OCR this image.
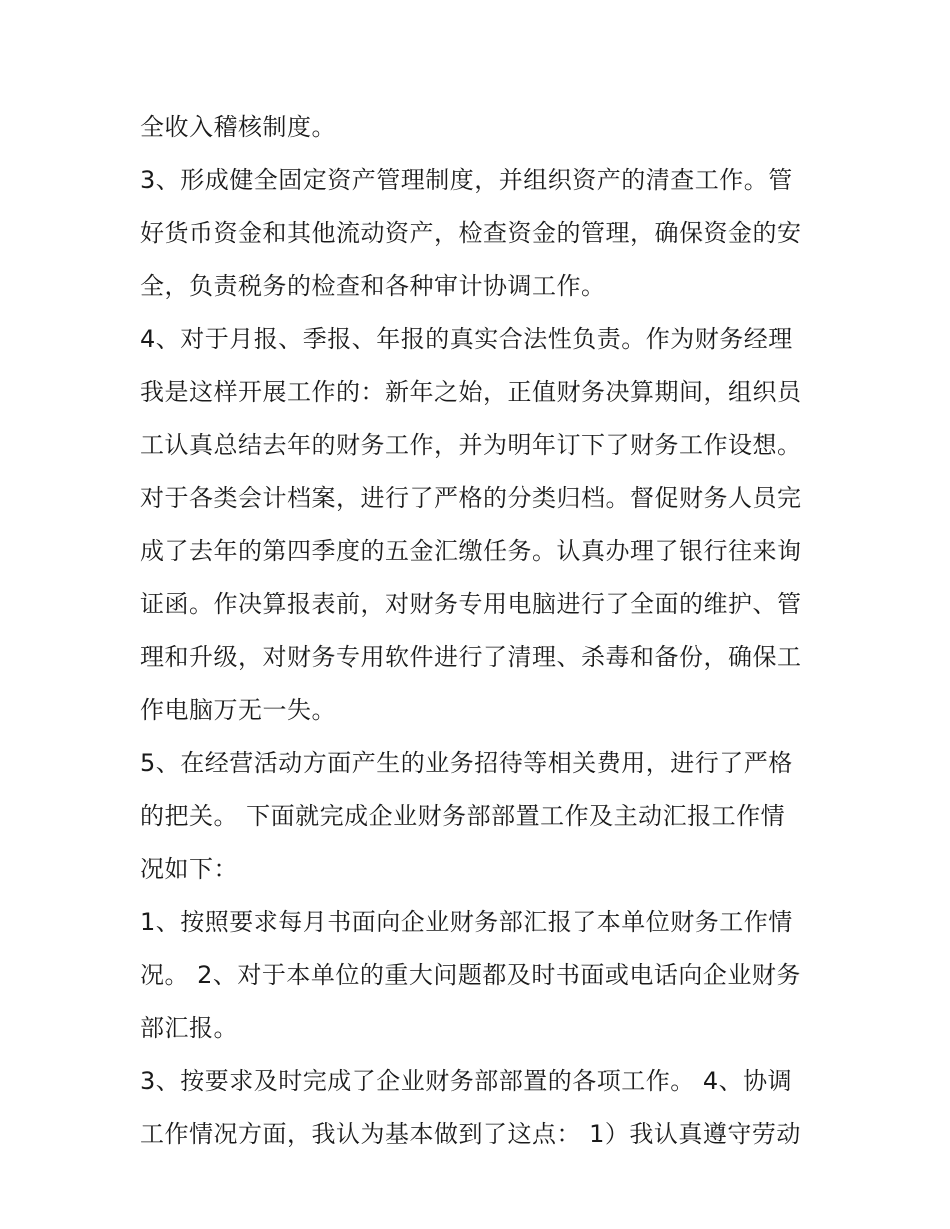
全收入稽核制度。
3、形成健全固定资产管理制度，并组织资产的清查工作。管
好货币资金和其他流动资产，检查资金的管理，确保资金的安
全，负责税务的检查和各种审计协调工作。
4、对于月报、季报、年报的真实合法性负责。作为财务经理
我是这样开展工作的：新年之始，正值财务决算期间，组织员
工认真总结去年的财务工作，并为明年订下了财务工作设想。
对于各类会计档案，进行了严格的分类归档。督促财务人员完
成了去年的第四季度的五金汇缴任务。认真办理了银行往来询
证函。作决算报表前，对财务专用电脑进行了全面的维护、管
理和升级，对财务专用软件进行了清理、杀毒和备份，确保工
作电脑万无一失。
5、在经营活动方面产生的业务招待等相关费用，进行了严格
的把关。 下面就完成企业财务部部置工作及主动汇报工作情
况如下：
1、按照要求每月书面向企业财务部汇报了本单位财务工作情
况。 2、对于本单位的重大问题都及时书面或电话向企业财务
部汇报。
3、按要求及时完成了企业财务部部置的各项工作。 4、协调
工作情况方面，我认为基本做到了这点： 1）我认真遵守劳动
